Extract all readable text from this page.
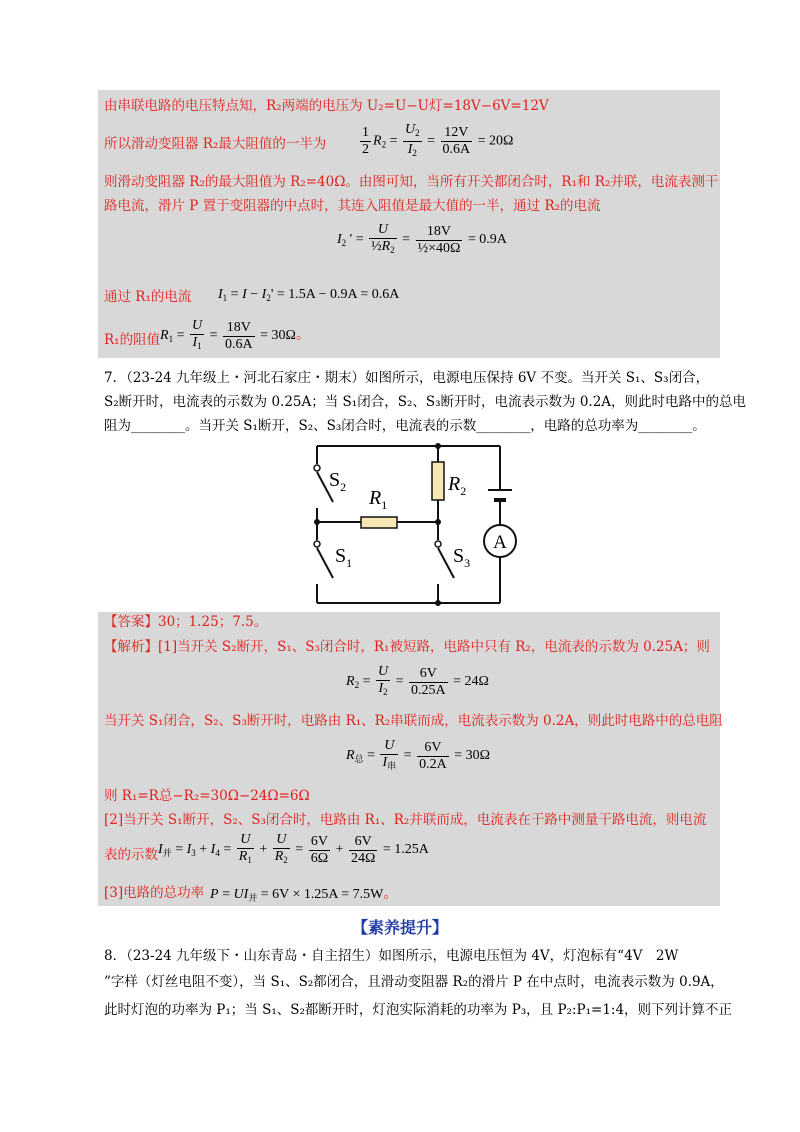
由串联电路的电压特点知，R₂两端的电压为 U₂=U−U灯=18V−6V=12V
所以滑动变阻器 R₂最大阻值的一半为 $\frac{1}{2} R_2 = \frac{U_2}{I_2} = \frac{12V}{0.6A} = 20\Omega$
则滑动变阻器 R₂的最大阻值为 R₂=40Ω。由图可知，当所有开关都闭合时，R₁和 R₂并联，电流表测干
路电流，滑片 P 置于变阻器的中点时，其连入阻值是最大值的一半，通过 R₂的电流
$I_2$ ' = $\frac{U}{\frac{1}{2}R_2} = \frac{18V}{\text{½×40Ω}} = 0.9A$
通过 R₁的电流 $I_1 = I - I_2' = 1.5A - 0.9A = 0.6A$
R₁的阻值 $R_1 = \frac{U}{I_1} = \frac{18V}{0.6A} = 30\Omega$。
7．（23-24 九年级上・河北石家庄・期末）如图所示，电源电压保持 6V 不变。当开关 S₁、S₃闭合，
S₂断开时，电流表的示数为 0.25A；当 S₁闭合，S₂、S₃断开时，电流表示数为 0.2A，则此时电路中的总电
阻为________。当开关 S₁断开，S₂、S₃闭合时，电流表的示数________，电路的总功率为________。
A
$S_2$
$S_1$	$S_3$
$R_1$
$R_2$
【答案】30；1.25；7.5。
【解析】[1]当开关 S₂断开，S₁、S₃闭合时，R₁被短路，电路中只有 R₂，电流表的示数为 0.25A；则
$R_2 = \frac{U}{I_2} = \frac{6V}{0.25A} = 24\Omega$
当开关 S₁闭合，S₂、S₃断开时，电路由 R₁、R₂串联而成，电流表示数为 0.2A，则此时电路中的总电阻
$R_总 = \frac{U}{I_串} = \frac{6V}{0.2A} = 30\Omega$
则 R₁=R总−R₂=30Ω−24Ω=6Ω
[2]当开关 S₁断开，S₂、S₃闭合时，电路由 R₁、R₂并联而成，电流表在干路中测量干路电流，则电流
表的示数 $I_并 = I_3 + I_4 = \frac{U}{R_1} + \frac{U}{R_2} = \frac{6V}{6\Omega} + \frac{6V}{24\Omega} = 1.25A$
[3]电路的总功率 $P = UI_并 = 6V \times 1.25A = 7.5W$。
【素养提升】
8．（23-24 九年级下・山东青岛・自主招生）如图所示，电源电压恒为 4V，灯泡标有“4V　2W
”字样（灯丝电阻不变），当 S₁、S₂都闭合，且滑动变阻器 R₂的滑片 P 在中点时，电流表示数为 0.9A，
此时灯泡的功率为 P₁；当 S₁、S₂都断开时，灯泡实际消耗的功率为 P₃，且 P₂:P₁=1:4，则下列计算不正
